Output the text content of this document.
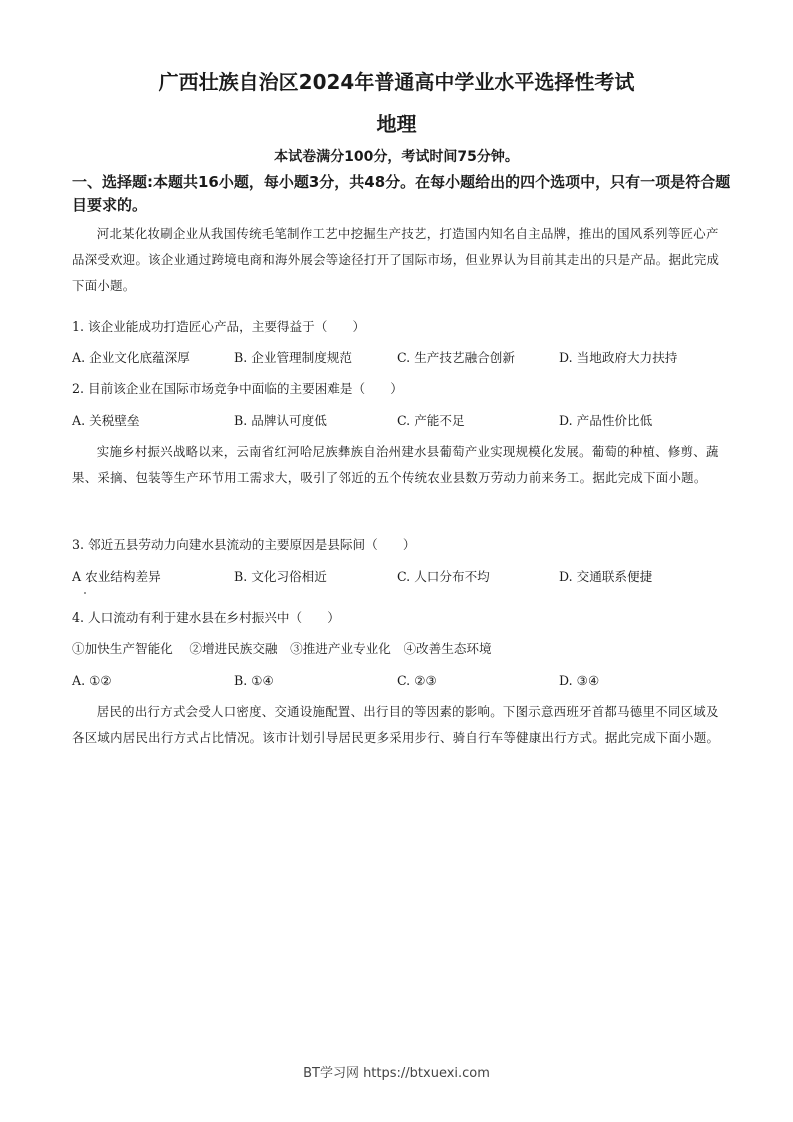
广西壮族自治区2024年普通高中学业水平选择性考试
地理
本试卷满分100分，考试时间75分钟。
一、选择题:本题共16小题，每小题3分，共48分。在每小题给出的四个选项中，只有一项是符合题目要求的。
河北某化妆刷企业从我国传统毛笔制作工艺中挖掘生产技艺，打造国内知名自主品牌，推出的国风系列等匠心产品深受欢迎。该企业通过跨境电商和海外展会等途径打开了国际市场，但业界认为目前其走出的只是产品。据此完成下面小题。
1. 该企业能成功打造匠心产品，主要得益于（　　）
A. 企业文化底蕴深厚	B. 企业管理制度规范	C. 生产技艺融合创新	D. 当地政府大力扶持
2. 目前该企业在国际市场竞争中面临的主要困难是（　　）
A. 关税壁垒	B. 品牌认可度低	C. 产能不足	D. 产品性价比低
实施乡村振兴战略以来，云南省红河哈尼族彝族自治州建水县葡萄产业实现规模化发展。葡萄的种植、修剪、蔬果、采摘、包装等生产环节用工需求大，吸引了邻近的五个传统农业县数万劳动力前来务工。据此完成下面小题。
3. 邻近五县劳动力向建水县流动的主要原因是县际间（　　）
A 农业结构差异	B. 文化习俗相近	C. 人口分布不均	D. 交通联系便捷
4. 人口流动有利于建水县在乡村振兴中（　　）
①加快生产智能化　 ②增进民族交融　③推进产业专业化　④改善生态环境
A. ①②	B. ①④	C. ②③	D. ③④
居民的出行方式会受人口密度、交通设施配置、出行目的等因素的影响。下图示意西班牙首都马德里不同区域及各区域内居民出行方式占比情况。该市计划引导居民更多采用步行、骑自行车等健康出行方式。据此完成下面小题。
BT学习网 https://btxuexi.com
